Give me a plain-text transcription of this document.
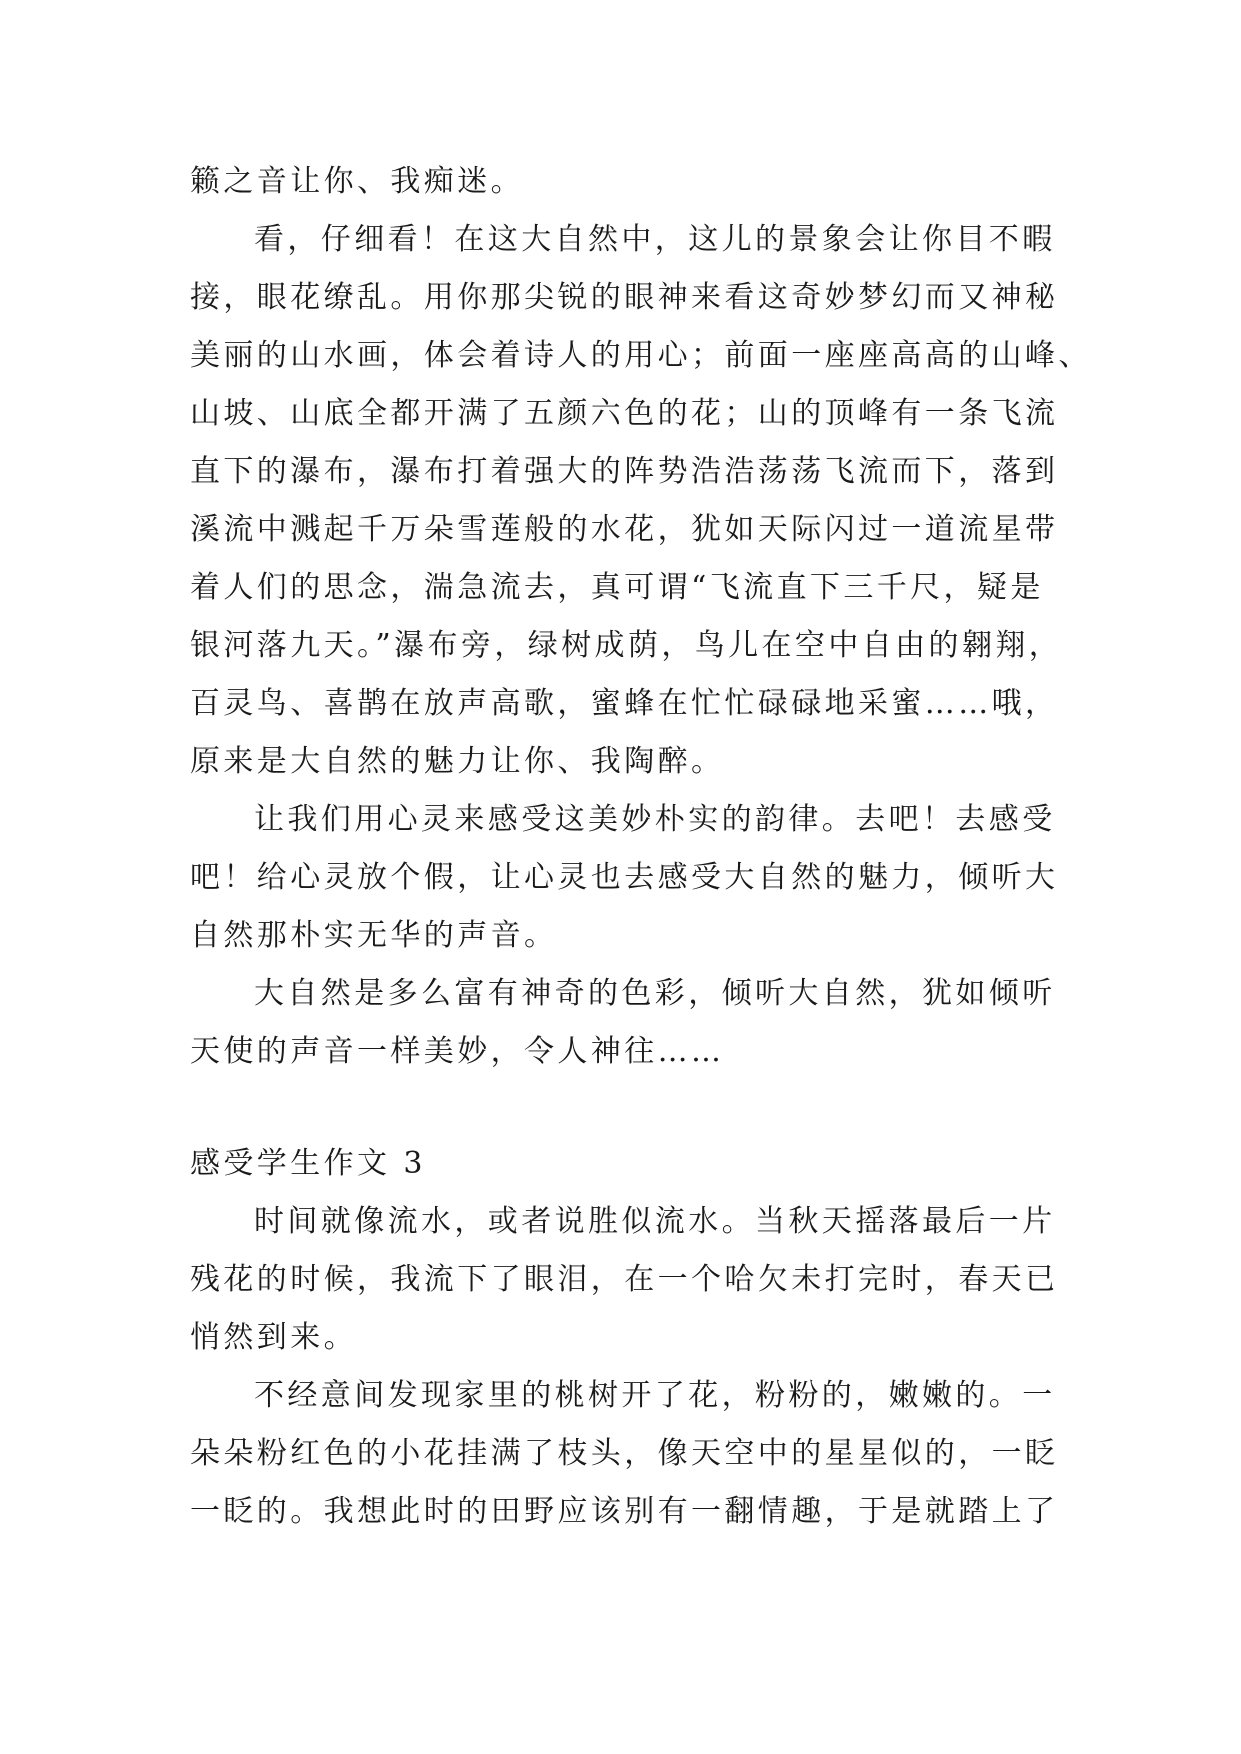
籁之音让你、我痴迷。
看，仔细看！在这大自然中，这儿的景象会让你目不暇
接，眼花缭乱。用你那尖锐的眼神来看这奇妙梦幻而又神秘
美丽的山水画，体会着诗人的用心；前面一座座高高的山峰、
山坡、山底全都开满了五颜六色的花；山的顶峰有一条飞流
直下的瀑布，瀑布打着强大的阵势浩浩荡荡飞流而下，落到
溪流中溅起千万朵雪莲般的水花，犹如天际闪过一道流星带
着人们的思念，湍急流去，真可谓“飞流直下三千尺，疑是
银河落九天。”瀑布旁，绿树成荫，鸟儿在空中自由的翱翔，
百灵鸟、喜鹊在放声高歌，蜜蜂在忙忙碌碌地采蜜……哦，
原来是大自然的魅力让你、我陶醉。
让我们用心灵来感受这美妙朴实的韵律。去吧！去感受
吧！给心灵放个假，让心灵也去感受大自然的魅力，倾听大
自然那朴实无华的声音。
大自然是多么富有神奇的色彩，倾听大自然，犹如倾听
天使的声音一样美妙，令人神往……
感受学生作文 3
时间就像流水，或者说胜似流水。当秋天摇落最后一片
残花的时候，我流下了眼泪，在一个哈欠未打完时，春天已
悄然到来。
不经意间发现家里的桃树开了花，粉粉的，嫩嫩的。一
朵朵粉红色的小花挂满了枝头，像天空中的星星似的，一眨
一眨的。我想此时的田野应该别有一翻情趣，于是就踏上了
